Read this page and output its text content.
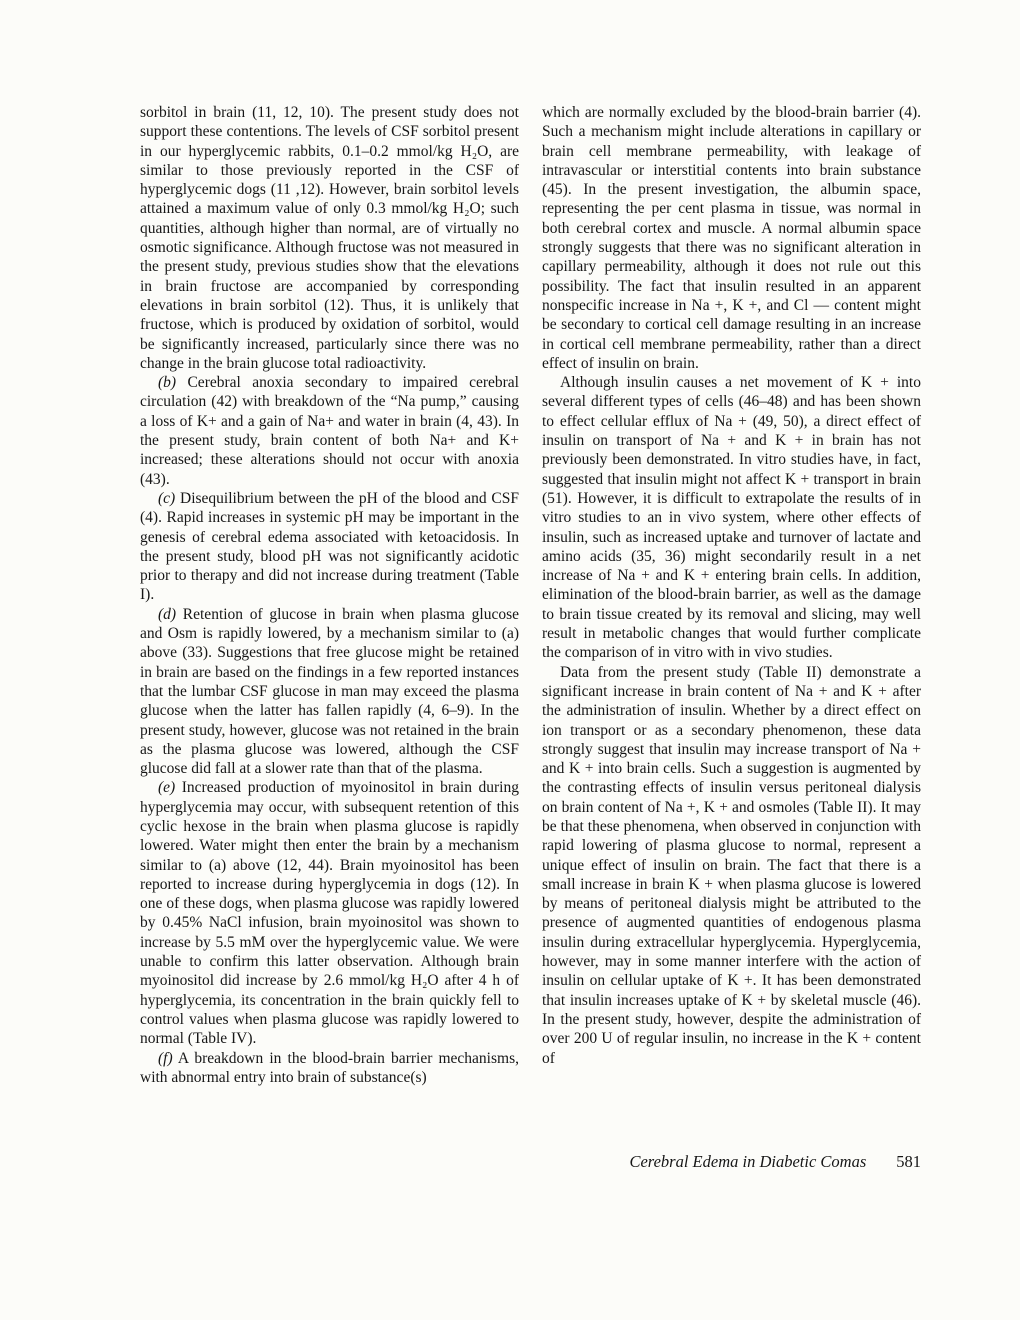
sorbitol in brain (11, 12, 10). The present study does not support these contentions. The levels of CSF sorbitol present in our hyperglycemic rabbits, 0.1–0.2 mmol/kg H₂O, are similar to those previously reported in the CSF of hyperglycemic dogs (11 ,12). However, brain sorbitol levels attained a maximum value of only 0.3 mmol/kg H₂O; such quantities, although higher than normal, are of virtually no osmotic significance. Although fructose was not measured in the present study, previous studies show that the elevations in brain fructose are accompanied by corresponding elevations in brain sorbitol (12). Thus, it is unlikely that fructose, which is produced by oxidation of sorbitol, would be significantly increased, particularly since there was no change in the brain glucose total radioactivity.

(b) Cerebral anoxia secondary to impaired cerebral circulation (42) with breakdown of the “Na pump,” causing a loss of K+ and a gain of Na+ and water in brain (4, 43). In the present study, brain content of both Na+ and K+ increased; these alterations should not occur with anoxia (43).

(c) Disequilibrium between the pH of the blood and CSF (4). Rapid increases in systemic pH may be important in the genesis of cerebral edema associated with ketoacidosis. In the present study, blood pH was not significantly acidotic prior to therapy and did not increase during treatment (Table I).

(d) Retention of glucose in brain when plasma glucose and Osm is rapidly lowered, by a mechanism similar to (a) above (33). Suggestions that free glucose might be retained in brain are based on the findings in a few reported instances that the lumbar CSF glucose in man may exceed the plasma glucose when the latter has fallen rapidly (4, 6–9). In the present study, however, glucose was not retained in the brain as the plasma glucose was lowered, although the CSF glucose did fall at a slower rate than that of the plasma.

(e) Increased production of myoinositol in brain during hyperglycemia may occur, with subsequent retention of this cyclic hexose in the brain when plasma glucose is rapidly lowered. Water might then enter the brain by a mechanism similar to (a) above (12, 44). Brain myoinositol has been reported to increase during hyperglycemia in dogs (12). In one of these dogs, when plasma glucose was rapidly lowered by 0.45% NaCl infusion, brain myoinositol was shown to increase by 5.5 mM over the hyperglycemic value. We were unable to confirm this latter observation. Although brain myoinositol did increase by 2.6 mmol/kg H₂O after 4 h of hyperglycemia, its concentration in the brain quickly fell to control values when plasma glucose was rapidly lowered to normal (Table IV).

(f) A breakdown in the blood-brain barrier mechanisms, with abnormal entry into brain of substance(s)

which are normally excluded by the blood-brain barrier (4). Such a mechanism might include alterations in capillary or brain cell membrane permeability, with leakage of intravascular or interstitial contents into brain substance (45). In the present investigation, the albumin space, representing the per cent plasma in tissue, was normal in both cerebral cortex and muscle. A normal albumin space strongly suggests that there was no significant alteration in capillary permeability, although it does not rule out this possibility. The fact that insulin resulted in an apparent nonspecific increase in Na +, K +, and Cl — content might be secondary to cortical cell damage resulting in an increase in cortical cell membrane permeability, rather than a direct effect of insulin on brain.

Although insulin causes a net movement of K + into several different types of cells (46–48) and has been shown to effect cellular efflux of Na + (49, 50), a direct effect of insulin on transport of Na + and K + in brain has not previously been demonstrated. In vitro studies have, in fact, suggested that insulin might not affect K + transport in brain (51). However, it is difficult to extrapolate the results of in vitro studies to an in vivo system, where other effects of insulin, such as increased uptake and turnover of lactate and amino acids (35, 36) might secondarily result in a net increase of Na + and K + entering brain cells. In addition, elimination of the blood-brain barrier, as well as the damage to brain tissue created by its removal and slicing, may well result in metabolic changes that would further complicate the comparison of in vitro with in vivo studies.

Data from the present study (Table II) demonstrate a significant increase in brain content of Na + and K + after the administration of insulin. Whether by a direct effect on ion transport or as a secondary phenomenon, these data strongly suggest that insulin may increase transport of Na + and K + into brain cells. Such a suggestion is augmented by the contrasting effects of insulin versus peritoneal dialysis on brain content of Na +, K + and osmoles (Table II). It may be that these phenomena, when observed in conjunction with rapid lowering of plasma glucose to normal, represent a unique effect of insulin on brain. The fact that there is a small increase in brain K + when plasma glucose is lowered by means of peritoneal dialysis might be attributed to the presence of augmented quantities of endogenous plasma insulin during extracellular hyperglycemia. Hyperglycemia, however, may in some manner interfere with the action of insulin on cellular uptake of K +. It has been demonstrated that insulin increases uptake of K + by skeletal muscle (46). In the present study, however, despite the administration of over 200 U of regular insulin, no increase in the K + content of

Cerebral Edema in Diabetic Comas 581
